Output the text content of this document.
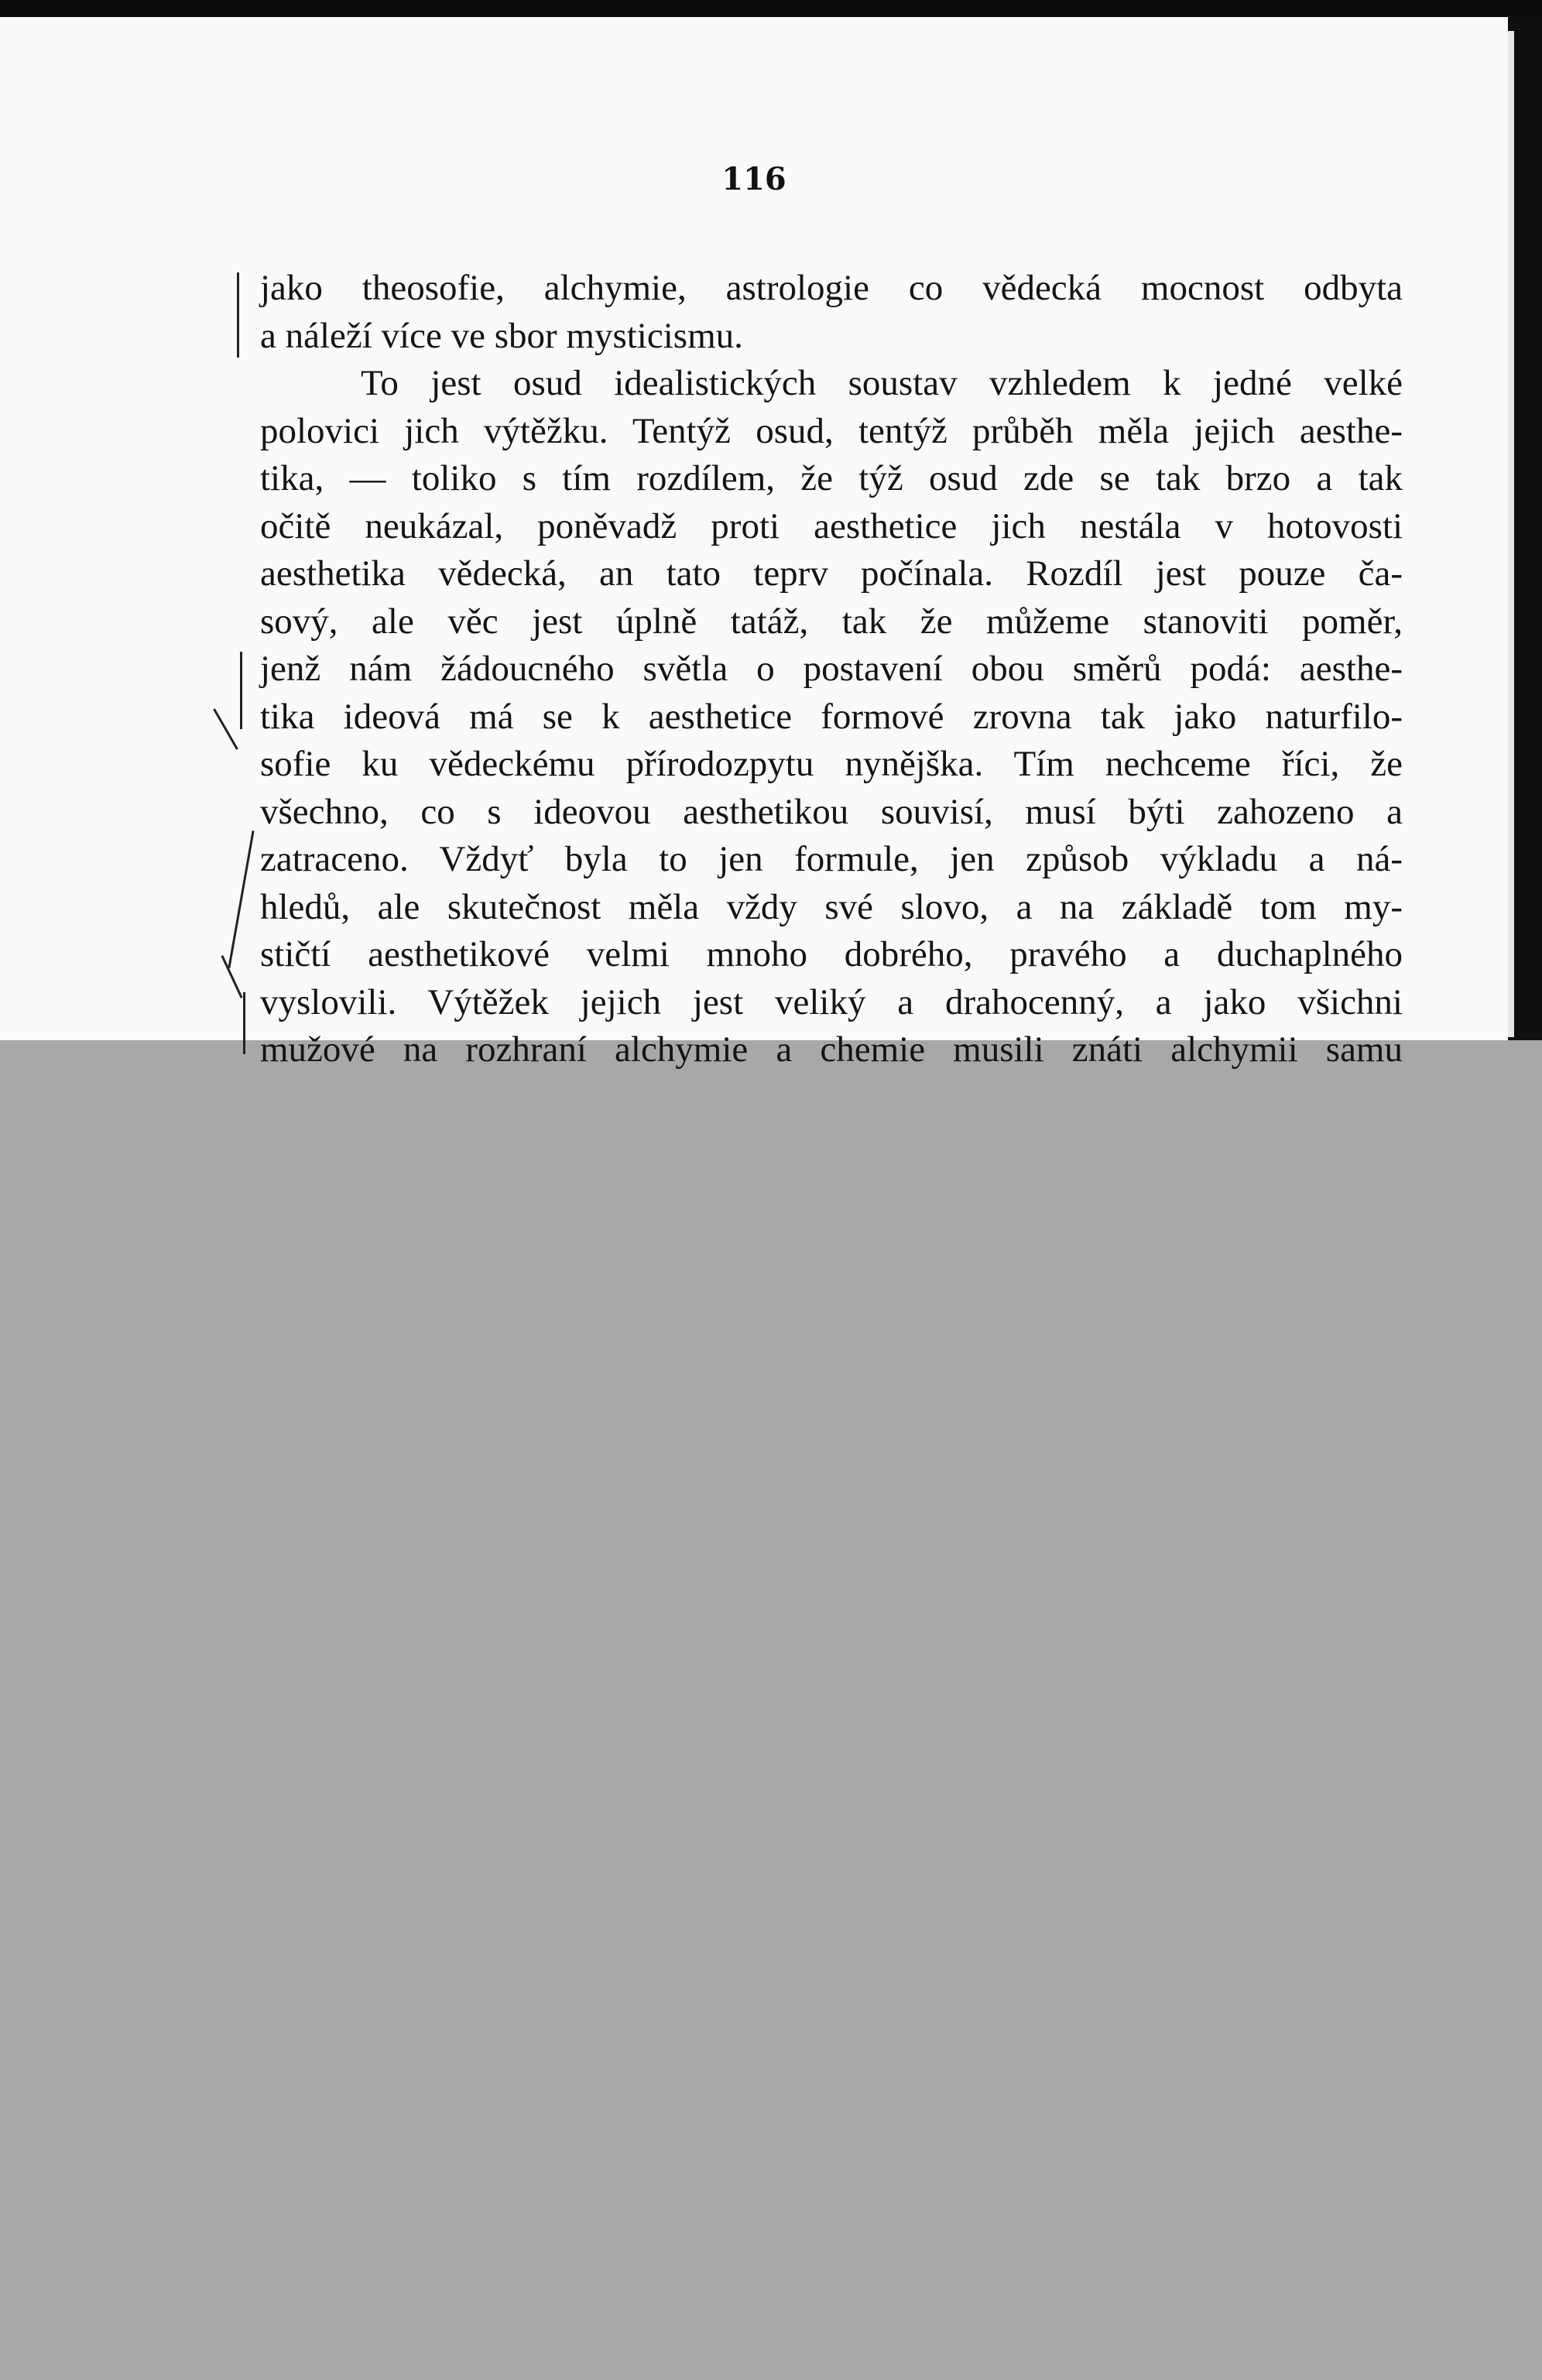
116
jako theosofie, alchymie, astrologie co vědecká mocnost odbyta
a náleží více ve sbor mysticismu.
To jest osud idealistických soustav vzhledem k jedné velké
polovici jich výtěžku. Tentýž osud, tentýž průběh měla jejich aesthe-
tika, — toliko s tím rozdílem, že týž osud zde se tak brzo a tak
očitě neukázal, poněvadž proti aesthetice jich nestála v hotovosti
aesthetika vědecká, an tato teprv počínala. Rozdíl jest pouze ča-
sový, ale věc jest úplně tatáž, tak že můžeme stanoviti poměr,
jenž nám žádoucného světla o postavení obou směrů podá: aesthe-
tika ideová má se k aesthetice formové zrovna tak jako naturfilo-
sofie ku vědeckému přírodozpytu nynějška. Tím nechceme říci, že
všechno, co s ideovou aesthetikou souvisí, musí býti zahozeno a
zatraceno. Vždyť byla to jen formule, jen způsob výkladu a ná-
hledů, ale skutečnost měla vždy své slovo, a na základě tom my-
stičtí aesthetikové velmi mnoho dobrého, pravého a duchaplného
vyslovili. Výtěžek jejich jest veliký a drahocenný, a jako všichni
mužové na rozhraní alchymie a chemie musili znáti alchymii samu
